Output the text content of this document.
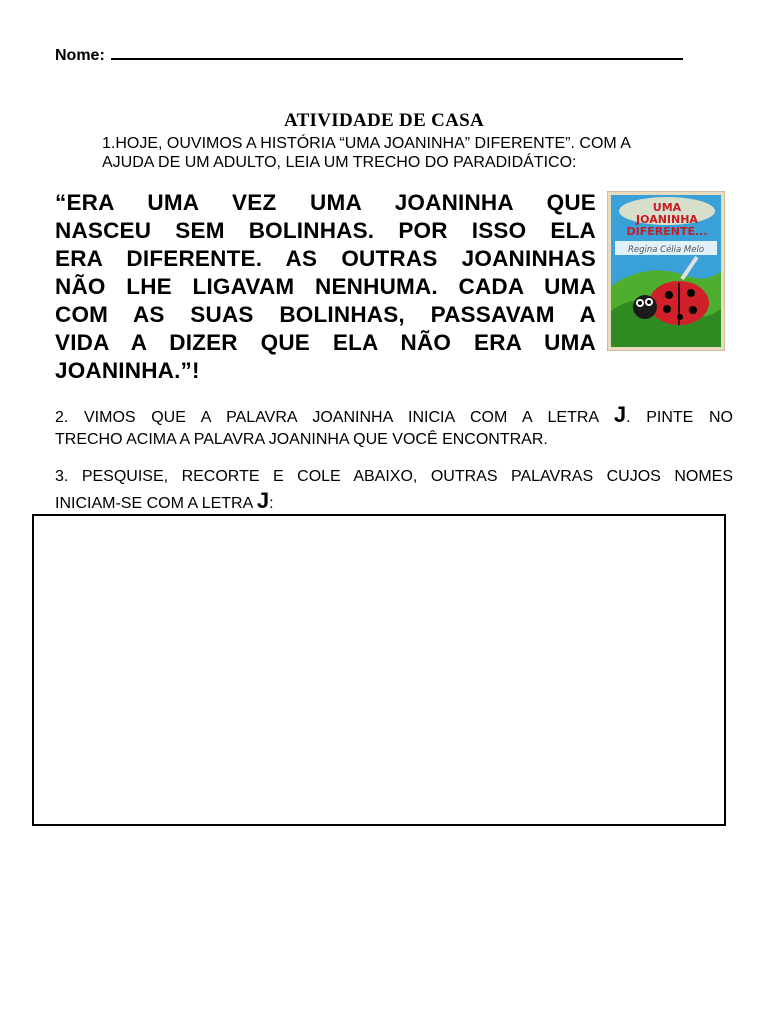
Nome:
ATIVIDADE DE CASA
1.HOJE, OUVIMOS A HISTÓRIA “UMA JOANINHA” DIFERENTE”. COM A
AJUDA DE UM ADULTO, LEIA UM TRECHO DO PARADIDÁTICO:
“ERA UMA VEZ UMA JOANINHA QUE
NASCEU SEM BOLINHAS. POR ISSO ELA
ERA DIFERENTE. AS OUTRAS JOANINHAS
NÃO LHE LIGAVAM NENHUMA. CADA UMA
COM AS SUAS BOLINHAS, PASSAVAM A
VIDA A DIZER QUE ELA NÃO ERA UMA
JOANINHA.”!
UMA
JOANINHA
DIFERENTE...
Regina Célia Melo
2. VIMOS QUE A PALAVRA JOANINHA INICIA COM A LETRA J. PINTE NO
TRECHO ACIMA A PALAVRA JOANINHA QUE VOCÊ ENCONTRAR.
3. PESQUISE, RECORTE E COLE ABAIXO, OUTRAS PALAVRAS CUJOS NOMES
INICIAM-SE COM A LETRA J:
